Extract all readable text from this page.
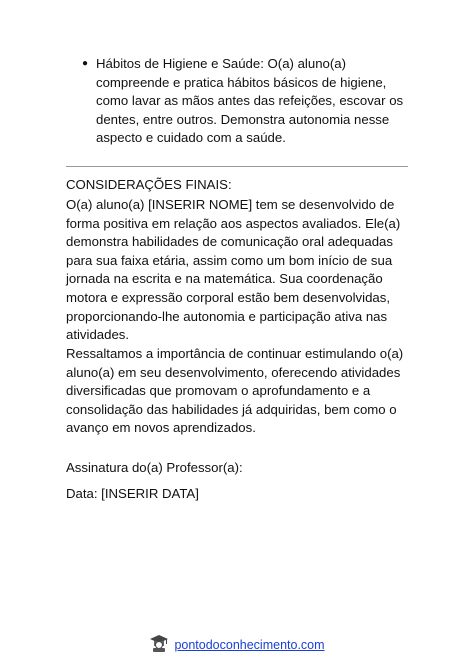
● Hábitos de Higiene e Saúde: O(a) aluno(a) compreende e pratica hábitos básicos de higiene, como lavar as mãos antes das refeições, escovar os dentes, entre outros. Demonstra autonomia nesse aspecto e cuidado com a saúde.

CONSIDERAÇÕES FINAIS:

O(a) aluno(a) [INSERIR NOME] tem se desenvolvido de forma positiva em relação aos aspectos avaliados. Ele(a) demonstra habilidades de comunicação oral adequadas para sua faixa etária, assim como um bom início de sua jornada na escrita e na matemática. Sua coordenação motora e expressão corporal estão bem desenvolvidas, proporcionando-lhe autonomia e participação ativa nas atividades.

Ressaltamos a importância de continuar estimulando o(a) aluno(a) em seu desenvolvimento, oferecendo atividades diversificadas que promovam o aprofundamento e a consolidação das habilidades já adquiridas, bem como o avanço em novos aprendizados.

Assinatura do(a) Professor(a):

Data: [INSERIR DATA]

pontodoconhecimento.com
